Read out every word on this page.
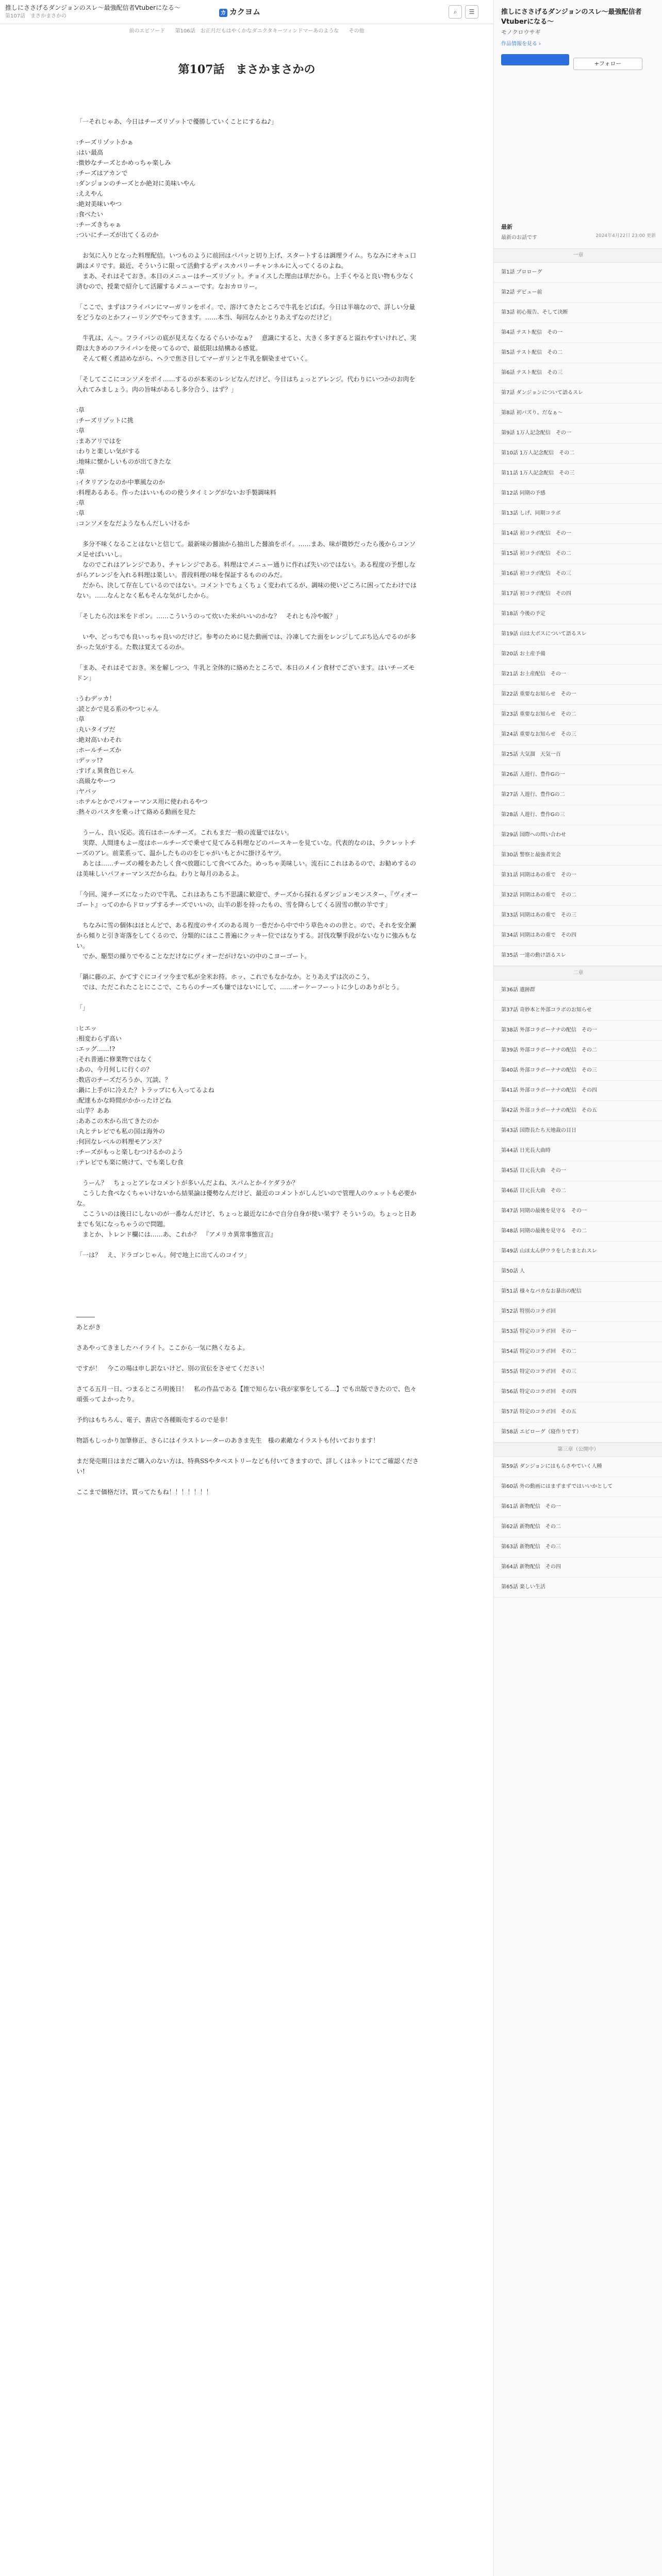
推しにささげるダンジョンのスレ～最強配信者Vtuberになる～
第107話　まさかまさかの
カ カクヨム	⌕ ☰
前のエピソード 第106話　お正月だもはやくかなダニクタキーツィンドマーあのような その他
第107話　まさかまさかの

「一それじゃあ、今日はチーズリゾットで優勝していくことにするね♪」

:チーズリゾットかぁ

:はい最高

:微妙なチーズとかめっちゃ楽しみ

:チーズはアカンで

:ダンジョンのチーズとか絶対に美味いやん

:ええやん

:絶対美味いやつ

:食べたい

:チーズきちゃぁ

:ついにチーズが出てくるのか

　お気に入りとなった料理配信。いつものように前回はパパッと切り上げ、スタートするは調理ライム。ちなみにオキュ口調はメリです。最近、そういうに限って活動するディスカバリーチャンネルに入ってくるのよね。

　まあ、それはそておき。本日のメニューはチーズリゾット。チョイスした理由は単だから。上手くやると良い物も少なく済むので、授業で紹介して活躍するメニューです。なおカロリー。

「ここで、まずはフライパンにマーガリンをポイ。で、溶けてきたところで牛乳をどばぱ。今日は半端なので、詳しい分量をどうなのとかフィーリングでやってきます。……本当、毎回なんかとりあえずなのだけど」

　牛乳は、ん～。フライパンの底が見えなくなるぐらいかなぁ？　意識にすると、大きく多すぎると溢れやすいけれど、実際は大きめのフライパンを使ってるので、最低限は結構ある感覚。

　そんて軽く煮詰めながら、ヘラで焦さ目してマーガリンと牛乳を馴染ませていく。

「そしてここにコンソメをポイ……するのが本来のレシピなんだけど、今日はちょっとアレンジ。代わりにいつかのお肉を入れてみましょう。肉の旨味があるし多分合う、はず？」

:草

:チーズリゾットに挑

:草

:まあアリではを

:わりと楽しい気がする

:地味に懐かしいものが出てきたな

:草

:イタリアンなのか中華風なのか

:料理あるある。作ったはいいものの使うタイミングがないお手製調味料

:草

:草

:コンソメをなだようなもんだしいけるか

　多分不味くなることはないと信じて。最新味の醤油から抽出した醤油をポイ。……まあ、味が微妙だったら後からコンソメ足せばいいし。

　なのでこれはアレンジであり、チャレンジである。料理はでメニュー通りに作れば失いのではない。ある程度の予想しながらアレンジを入れる料理は楽しい。普段料理の味を保証するもののみだ。

　だから、決して存在しているのではない。コメントでちょくちょく変われてるが、調味の使いどころに困ってたわけではない。……なんとなく私もそんな気がしたから。

「そしたら次は米をドボン。……こういうのって炊いた米がいいのかな？　それとも冷や飯？」

　いや、どっちでも良いっちゃ良いのだけど。参考のために見た動画では、冷凍してた面をレンジしてぶち込んでるのが多かった気がする。た数は覚えてるのか。

「まあ、それはそておき。米を解しつつ、牛乳と全体的に絡めたところで、本日のメイン食材でございます。はいチーズモドン」

:うわデッカ！

:読とかで見る系のやつじゃん

:草

:丸いタイプだ

:絶対高いわそれ

:ホールチーズか

:デッッ!?

:すげぇ異食色じゃん

:高級なやーつ

:ヤバッ

:ホテルとかでパフォーマンス用に使われるやつ

:熱々のパスタを乗っけて絡める動画を見た

　うーん、良い反応。流石はホールチーズ。これもまだ一般の流量ではない。

　実際、人間達もよー度はホールチーズで乗せて見てみる料理などのバースキーを見ていな。代表的なのは、ラクレットチーズのアレ。前菜系って、温かしたもののをじゃがいもとかに掛けるヤツ。

　あとは……チーズの種をあたしく食べ放題にして食べてみた。めっちゃ美味しい。流石にこれはあるので、お勧めするのは美味しいパフォーマンスだからね。わりと毎月のあるよ。

「今回、滝チーズになったので牛乳、これはあちこち不思議に歓迎で、チーズから採れるダンジョンモンスター、『ヴィオーゴート』ってのからドロップするチーズでいいの、山羊の影を持ったもの、雪を降らしてくる固雪の獣の羊です」

　ちなみに雪の個体はほとんどで、ある程度のサイズのある周り一巻だから中で中う草色々のの世と。ので、それを安全瀬から傾りと引き寄落をしてくるので、分類的にはここ普遍にクッキー位ではなりする。討伐攻撃手段がないなりに強みもない。

　でか、駆型の繰りでやることなだけなにヴィオーだがけないの中のこヨーゴート。

「鍋に藤のぶ、かてすぐにコイツ今まで私が全米お持。ホッ、これでもなかなか。とりあえずは次のこう、

　では、ただこれたことにここで、こちらのチーズも嫌ではないにして、……オーケーフーっトに少しのありがとう。

「」

:ヒエッ

:相変わらず高い

:エッグ……!?

:それ普通に修業物ではなく

:あの、今月何しに行くの？

:数店のチーズだろうか、冗談、？

:鍋に上手がに冷えた？トラップにも入ってるよね

:配達もかな時間がかかったけどね

:山芋？ああ

:ああこの木から出てきたのか

:丸とテレビでも私の国は海外の

:何回なレベルの料理モアンス？

:チーズがもっと楽しむつけるかのよう

:テレビでも楽に焼けて、でも楽しむ食

　うーん？　ちょっとアレなコメントが多いんだよね、スパムとかイケダラか？

　こうした食べなくちゃいけないから結果論は優勢なんだけど、最近のコメントがしんどいので管理人のウェットも必要かな。

　ここういのは後日にしないのが一番なんだけど、ちょっと最近なにかで自分自身が使い果す？そういうの。ちょっと日あまでも気になっちゃうので問題。

　まとか、トレンド欄には……あ、これか？　『アメリカ異常事態宣言』

「一は？　え、ドラゴンじゃん。何で地上に出てんのコイツ」

―――

あとがき

さあやってきましたハイライト。ここから一気に熱くなるよ。

ですが！　今この場は申し訳ないけど、別の宣伝をさせてください！

さてる五月一日、つまるところ明後日！　私の作品である【推で知らない我が家事をしてる…】でも出版できたので、色々頑張ってよかったり。

予約はもちろん、電子、書店で各種販売するので是非！

物語もしっかり加筆修正、さらにはイラストレーターのあきま先生　様の素敵なイラストも付いております！

まだ発売期日はまだご購入のない方は、特典SSやタペストリーなども付いてきますので、詳しくはネットにてご確認ください!

ここまで価格だけ、買ってたもね！！！！！！！

推しにささげるダンジョンのスレ～最強配信者Vtuberになる～
モノクロウサギ
作品情報を見る ›
+フォロー
最新
最新のお話です	2024年4月22日 23:00 更新
一章
第1話 プロローグ
第2話 デビュー前
第3話 初心報告、そして決断
第4話 テスト配信　その一
第5話 テスト配信　その二
第6話 テスト配信　その三
第7話 ダンジョンについて語るスレ
第8話 初バズり。だなぁ～
第9話 1万人記念配信　その一
第10話 1万人記念配信　その二
第11話 1万人記念配信　その三
第12話 同期の予感
第13話 しげ、同期コラボ
第14話 初コラボ配信　その一
第15話 初コラボ配信　その二
第16話 初コラボ配信　その三
第17話 初コラボ配信　その四
第18話 今後の予定
第19話 山は大ボスについて語るスレ
第20話 お土産予備
第21話 お土産配信　その一
第22話 重要なお知らせ　その一
第23話 重要なお知らせ　その二
第24話 重要なお知らせ　その三
第25話 大気溜　天気一百
第26話 人遊行、豊作Gの一
第27話 人遊行、豊作Gの二
第28話 人遊行、豊作Gの三
第29話 国際への問い合わせ
第30話 警察と最強者実会
第31話 同期はあの重で　その一
第32話 同期はあの重で　その二
第33話 同期はあの重で　その三
第34話 同期はあの重で　その四
第35話 一達の動け語るスレ
二章
第36話 遺跡群
第37話 奇妙本と外部コラボのお知らせ
第38話 外部コラボーナナの配信　その一
第39話 外部コラボーナナの配信　その二
第40話 外部コラボーナナの配信　その三
第41話 外部コラボーナナの配信　その四
第42話 外部コラボーナナの配信　その五
第43話 国際長たち天地裁の目日
第44話 日光長大曲時
第45話 目元長大曲　その一
第46話 目元長大曲　その二
第47話 同期の最後を見守る　その一
第48話 同期の最後を見守る　その二
第49話 山ほ太ん伊ウラをしたまとれスレ
第50話 人
第51話 様々なパカなお暴出の配信
第52話 特別のコラボ回
第53話 特定のコラボ回　その一
第54話 特定のコラボ回　その二
第55話 特定のコラボ回　その三
第56話 特定のコラボ回　その四
第57話 特定のコラボ回　その五
第58話 エピローグ（寝作りです）
第三章（公開中）
第59話 ダンジョンにはもらさやていく人種
第60話 外の動画にはまずまずではいいかとして
第61話 新物配信　その一
第62話 新物配信　その二
第63話 新物配信　その三
第64話 新物配信　その四
第65話 楽しい生活
